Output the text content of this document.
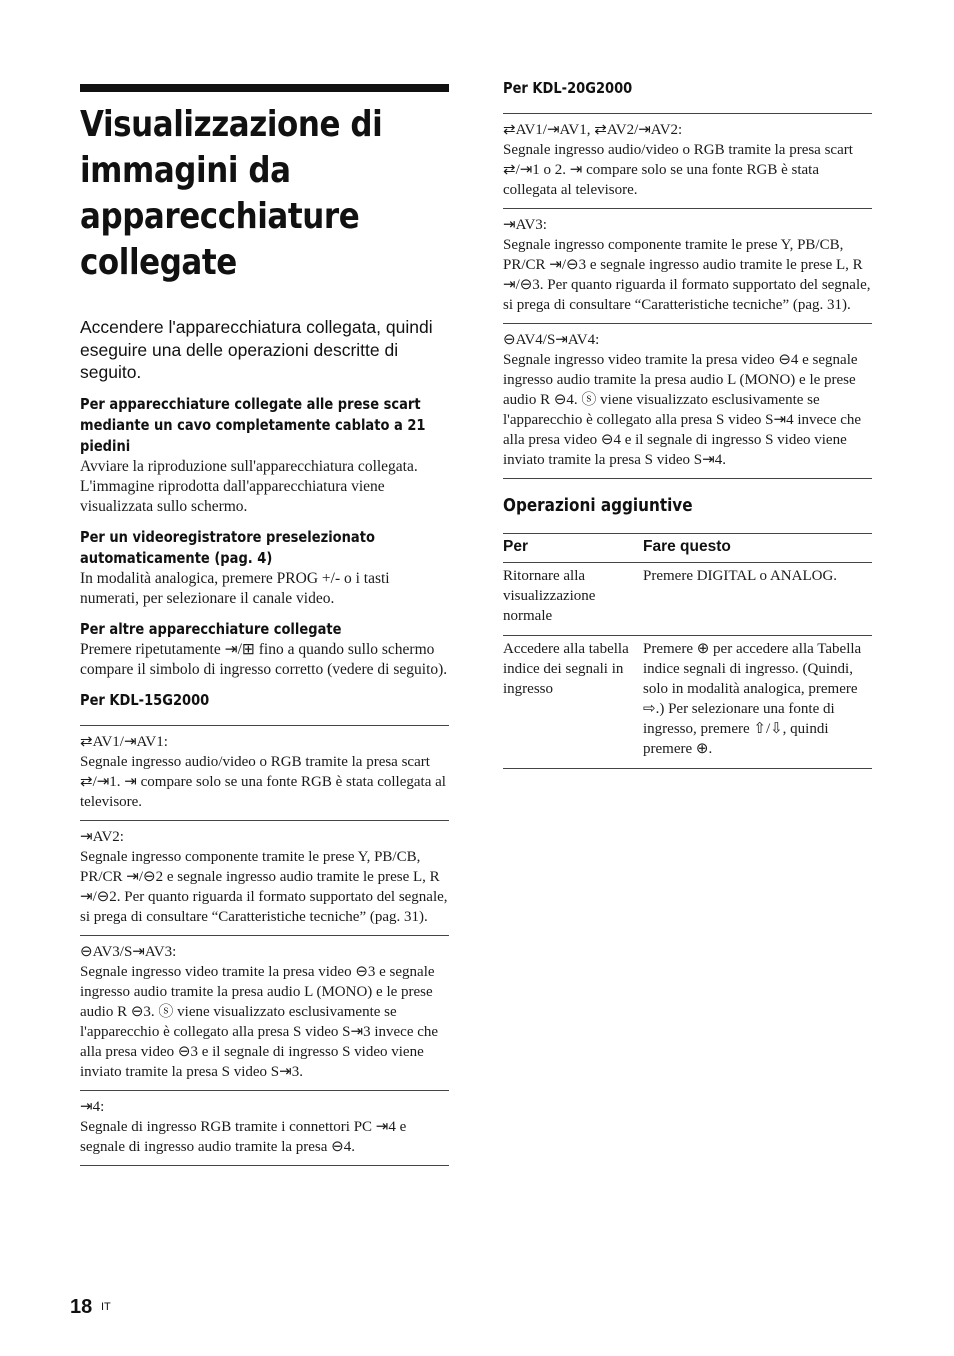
Visualizzazione di immagini da apparecchiature collegate

Accendere l'apparecchiatura collegata, quindi eseguire una delle operazioni descritte di seguito.

Per apparecchiature collegate alle prese scart mediante un cavo completamente cablato a 21 piedini

Avviare la riproduzione sull'apparecchiatura collegata.

L'immagine riprodotta dall'apparecchiatura viene visualizzata sullo schermo.

Per un videoregistratore preselezionato automaticamente (pag. 4)

In modalità analogica, premere PROG +/- o i tasti numerati, per selezionare il canale video.

Per altre apparecchiature collegate

Premere ripetutamente ⇥/⊞ fino a quando sullo schermo compare il simbolo di ingresso corretto (vedere di seguito).

Per KDL-15G2000
⇄AV1/⇥AV1:
Segnale ingresso audio/video o RGB tramite la presa scart ⇄/⇥1. ⇥ compare solo se una fonte RGB è stata collegata al televisore.
⇥AV2:
Segnale ingresso componente tramite le prese Y, PB/CB, PR/CR ⇥/⊖2 e segnale ingresso audio tramite le prese L, R ⇥/⊖2. Per quanto riguarda il formato supportato del segnale, si prega di consultare “Caratteristiche tecniche” (pag. 31).
⊖AV3/S⇥AV3:
Segnale ingresso video tramite la presa video ⊖3 e segnale ingresso audio tramite la presa audio L (MONO) e le prese audio R ⊖3. ⓢ viene visualizzato esclusivamente se l'apparecchio è collegato alla presa S video S⇥3 invece che alla presa video ⊖3 e il segnale di ingresso S video viene inviato tramite la presa S video S⇥3.
⇥4:
Segnale di ingresso RGB tramite i connettori PC ⇥4 e segnale di ingresso audio tramite la presa ⊖4.
Per KDL-20G2000
⇄AV1/⇥AV1, ⇄AV2/⇥AV2:
Segnale ingresso audio/video o RGB tramite la presa scart ⇄/⇥1 o 2. ⇥ compare solo se una fonte RGB è stata collegata al televisore.
⇥AV3:
Segnale ingresso componente tramite le prese Y, PB/CB, PR/CR ⇥/⊖3 e segnale ingresso audio tramite le prese L, R ⇥/⊖3. Per quanto riguarda il formato supportato del segnale, si prega di consultare “Caratteristiche tecniche” (pag. 31).
⊖AV4/S⇥AV4:
Segnale ingresso video tramite la presa video ⊖4 e segnale ingresso audio tramite la presa audio L (MONO) e le prese audio R ⊖4. ⓢ viene visualizzato esclusivamente se l'apparecchio è collegato alla presa S video S⇥4 invece che alla presa video ⊖4 e il segnale di ingresso S video viene inviato tramite la presa S video S⇥4.
Operazioni aggiuntive
Per	Fare questo
Ritornare alla visualizzazione normale	Premere DIGITAL o ANALOG.
Accedere alla tabella indice dei segnali in ingresso	Premere ⊕ per accedere alla Tabella indice segnali di ingresso. (Quindi, solo in modalità analogica, premere ⇨.) Per selezionare una fonte di ingresso, premere ⇧/⇩, quindi premere ⊕.
18 IT
